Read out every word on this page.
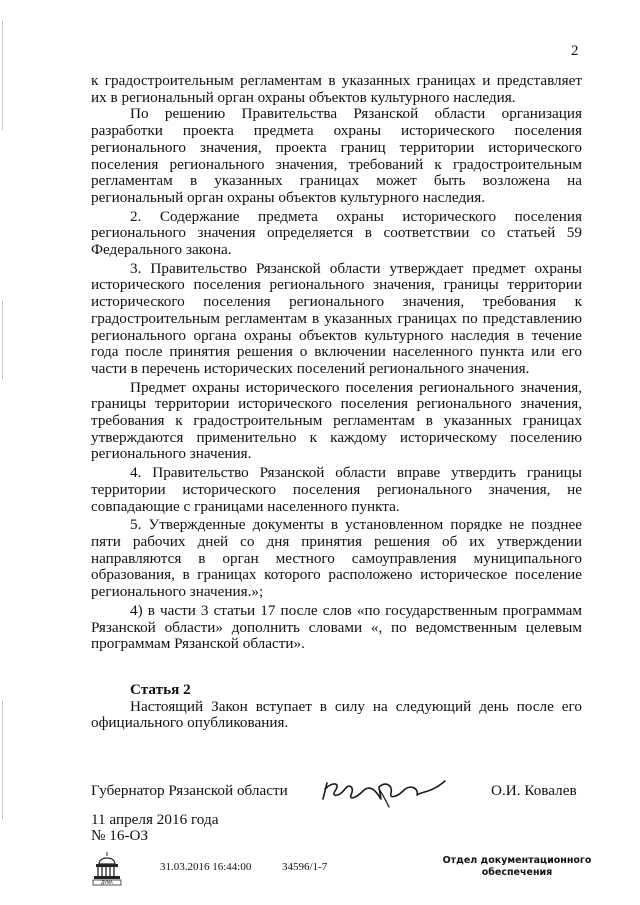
2

к градостроительным регламентам в указанных границах и представляет их в региональный орган охраны объектов культурного наследия.

По решению Правительства Рязанской области организация разработки проекта предмета охраны исторического поселения регионального значения, проекта границ территории исторического поселения регионального значения, требований к градостроительным регламентам в указанных границах может быть возложена на региональный орган охраны объектов культурного наследия.

2. Содержание предмета охраны исторического поселения регионального значения определяется в соответствии со статьей 59 Федерального закона.

3. Правительство Рязанской области утверждает предмет охраны исторического поселения регионального значения, границы территории исторического поселения регионального значения, требования к градостроительным регламентам в указанных границах по представлению регионального органа охраны объектов культурного наследия в течение года после принятия решения о включении населенного пункта или его части в перечень исторических поселений регионального значения.

Предмет охраны исторического поселения регионального значения, границы территории исторического поселения регионального значения, требования к градостроительным регламентам в указанных границах утверждаются применительно к каждому историческому поселению регионального значения.

4. Правительство Рязанской области вправе утвердить границы территории исторического поселения регионального значения, не совпадающие с границами населенного пункта.

5. Утвержденные документы в установленном порядке не позднее пяти рабочих дней со дня принятия решения об их утверждении направляются в орган местного самоуправления муниципального образования, в границах которого расположено историческое поселение регионального значения.»;

4) в части 3 статьи 17 после слов «по государственным программам Рязанской области» дополнить словами «, по ведомственным целевым программам Рязанской области».

Статья 2

Настоящий Закон вступает в силу на следующий день после его официального опубликования.

Губернатор Рязанской области	О.И. Ковалев
11 апреля 2016 года
№ 16-ОЗ
ДУМА
31.03.2016 16:44:00	34596/1-7
Отдел документационного
обеспечения
